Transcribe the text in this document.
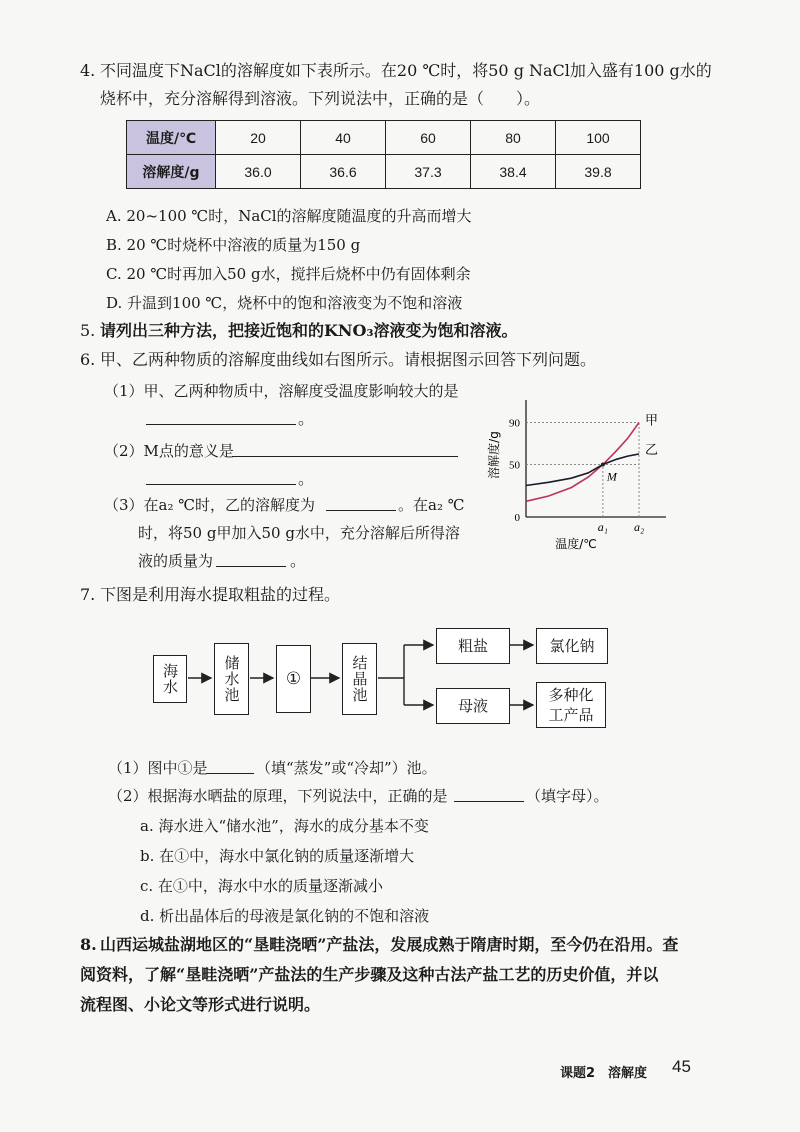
4. 不同温度下NaCl的溶解度如下表所示。在20 ℃时，将50 g NaCl加入盛有100 g水的
烧杯中，充分溶解得到溶液。下列说法中，正确的是（　　）。
温度/℃	20	40	60	80	100
溶解度/g	36.0	36.6	37.3	38.4	39.8
A. 20~100 ℃时，NaCl的溶解度随温度的升高而增大
B. 20 ℃时烧杯中溶液的质量为150 g
C. 20 ℃时再加入50 g水，搅拌后烧杯中仍有固体剩余
D. 升温到100 ℃，烧杯中的饱和溶液变为不饱和溶液
5. 请列出三种方法，把接近饱和的KNO₃溶液变为饱和溶液。
6. 甲、乙两种物质的溶解度曲线如右图所示。请根据图示回答下列问题。
（1）甲、乙两种物质中，溶解度受温度影响较大的是
。
（2）M点的意义是
。
（3）在a₂ ℃时，乙的溶解度为	。在a₂ ℃
时，将50 g甲加入50 g水中，充分溶解后所得溶
液的质量为	。
0
50
90
溶解度/g
a₁ a₂
温度/℃
甲
乙
M
7. 下图是利用海水提取粗盐的过程。
海水	储水池	①	结晶池
粗盐	氯化钠
母液
多种化工产品
（1）图中①是	（填“蒸发”或“冷却”）池。
（2）根据海水晒盐的原理，下列说法中，正确的是	（填字母）。
a. 海水进入“储水池”，海水的成分基本不变
b. 在①中，海水中氯化钠的质量逐渐增大
c. 在①中，海水中水的质量逐渐减小
d. 析出晶体后的母液是氯化钠的不饱和溶液
8. 山西运城盐湖地区的“垦畦浇晒”产盐法，发展成熟于隋唐时期，至今仍在沿用。查
阅资料，了解“垦畦浇晒”产盐法的生产步骤及这种古法产盐工艺的历史价值，并以
流程图、小论文等形式进行说明。
课题2　溶解度 45
